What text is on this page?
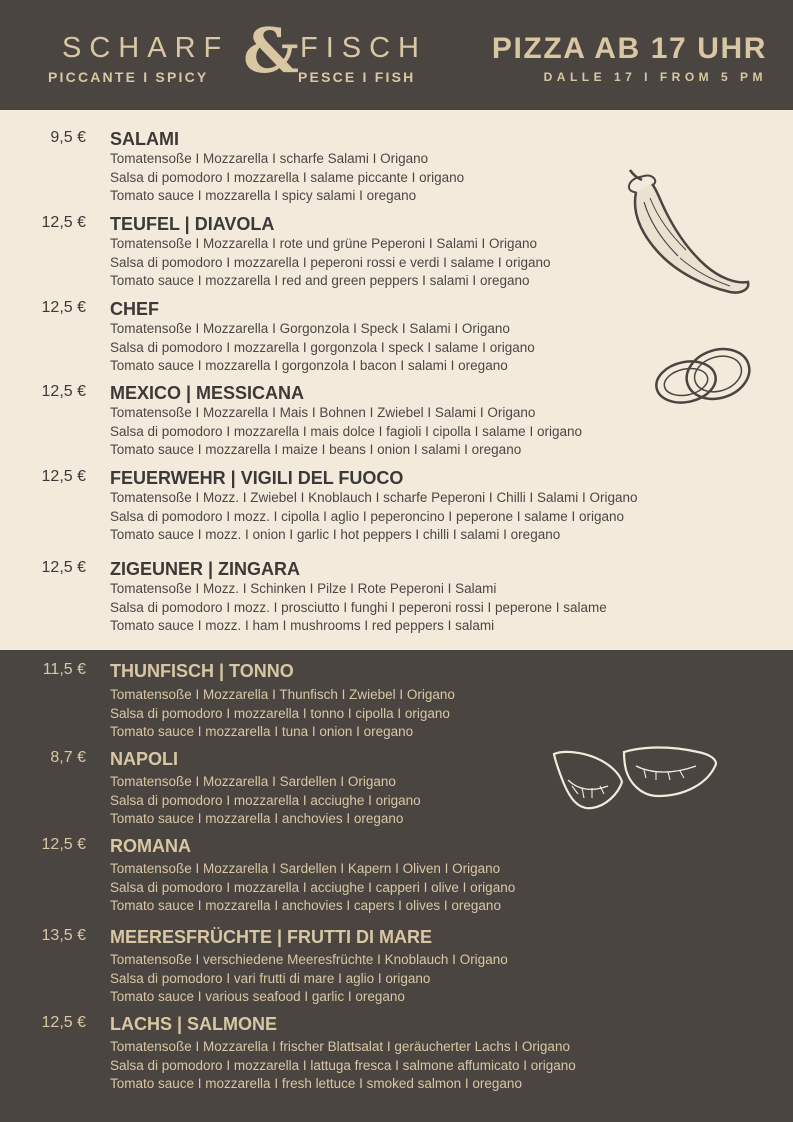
SCHARF
PICCANTE I SPICY & FISCH
PESCE I FISH
PIZZA AB 17 UHR
DALLE 17 I FROM 5 PM
9,5 € SALAMI
Tomatensoße I Mozzarella I scharfe Salami I Origano
Salsa di pomodoro I mozzarella I salame piccante I origano
Tomato sauce I mozzarella I spicy salami I oregano
12,5 € TEUFEL | DIAVOLA
Tomatensoße I Mozzarella I rote und grüne Peperoni I Salami I Origano
Salsa di pomodoro I mozzarella I peperoni rossi e verdi I salame I origano
Tomato sauce I mozzarella I red and green peppers I salami I oregano
12,5 € CHEF
Tomatensoße I Mozzarella I Gorgonzola I Speck I Salami I Origano
Salsa di pomodoro I mozzarella I gorgonzola I speck I salame I origano
Tomato sauce I mozzarella I gorgonzola I bacon I salami I oregano
12,5 € MEXICO | MESSICANA
Tomatensoße I Mozzarella I Mais I Bohnen I Zwiebel I Salami I Origano
Salsa di pomodoro I mozzarella I mais dolce I fagioli I cipolla I salame I origano
Tomato sauce I mozzarella I maize I beans I onion I salami I oregano
12,5 € FEUERWEHR | VIGILI DEL FUOCO
Tomatensoße I Mozz. I Zwiebel I Knoblauch I scharfe Peperoni I Chilli I Salami I Origano
Salsa di pomodoro I mozz. I cipolla I aglio I peperoncino I peperone I salame I origano
Tomato sauce I mozz. I onion I garlic I hot peppers I chilli I salami I oregano
12,5 € ZIGEUNER | ZINGARA
Tomatensoße I Mozz. I Schinken I Pilze I Rote Peperoni I Salami
Salsa di pomodoro I mozz. I prosciutto I funghi I peperoni rossi I peperone I salame
Tomato sauce I mozz. I ham I mushrooms I red peppers I salami
11,5 € THUNFISCH | TONNO
Tomatensoße I Mozzarella I Thunfisch I Zwiebel I Origano
Salsa di pomodoro I mozzarella I tonno I cipolla I origano
Tomato sauce I mozzarella I tuna I onion I oregano
8,7 € NAPOLI
Tomatensoße I Mozzarella I Sardellen I Origano
Salsa di pomodoro I mozzarella I acciughe I origano
Tomato sauce I mozzarella I anchovies I oregano
12,5 € ROMANA
Tomatensoße I Mozzarella I Sardellen I Kapern I Oliven I Origano
Salsa di pomodoro I mozzarella I acciughe I capperi I olive I origano
Tomato sauce I mozzarella I anchovies I capers I olives I oregano
13,5 € MEERESFRÜCHTE | FRUTTI DI MARE
Tomatensoße I verschiedene Meeresfrüchte I Knoblauch I Origano
Salsa di pomodoro I vari frutti di mare I aglio I origano
Tomato sauce I various seafood I garlic I oregano
12,5 € LACHS | SALMONE
Tomatensoße I Mozzarella I frischer Blattsalat I geräucherter Lachs I Origano
Salsa di pomodoro I mozzarella I lattuga fresca I salmone affumicato I origano
Tomato sauce I mozzarella I fresh lettuce I smoked salmon I oregano
